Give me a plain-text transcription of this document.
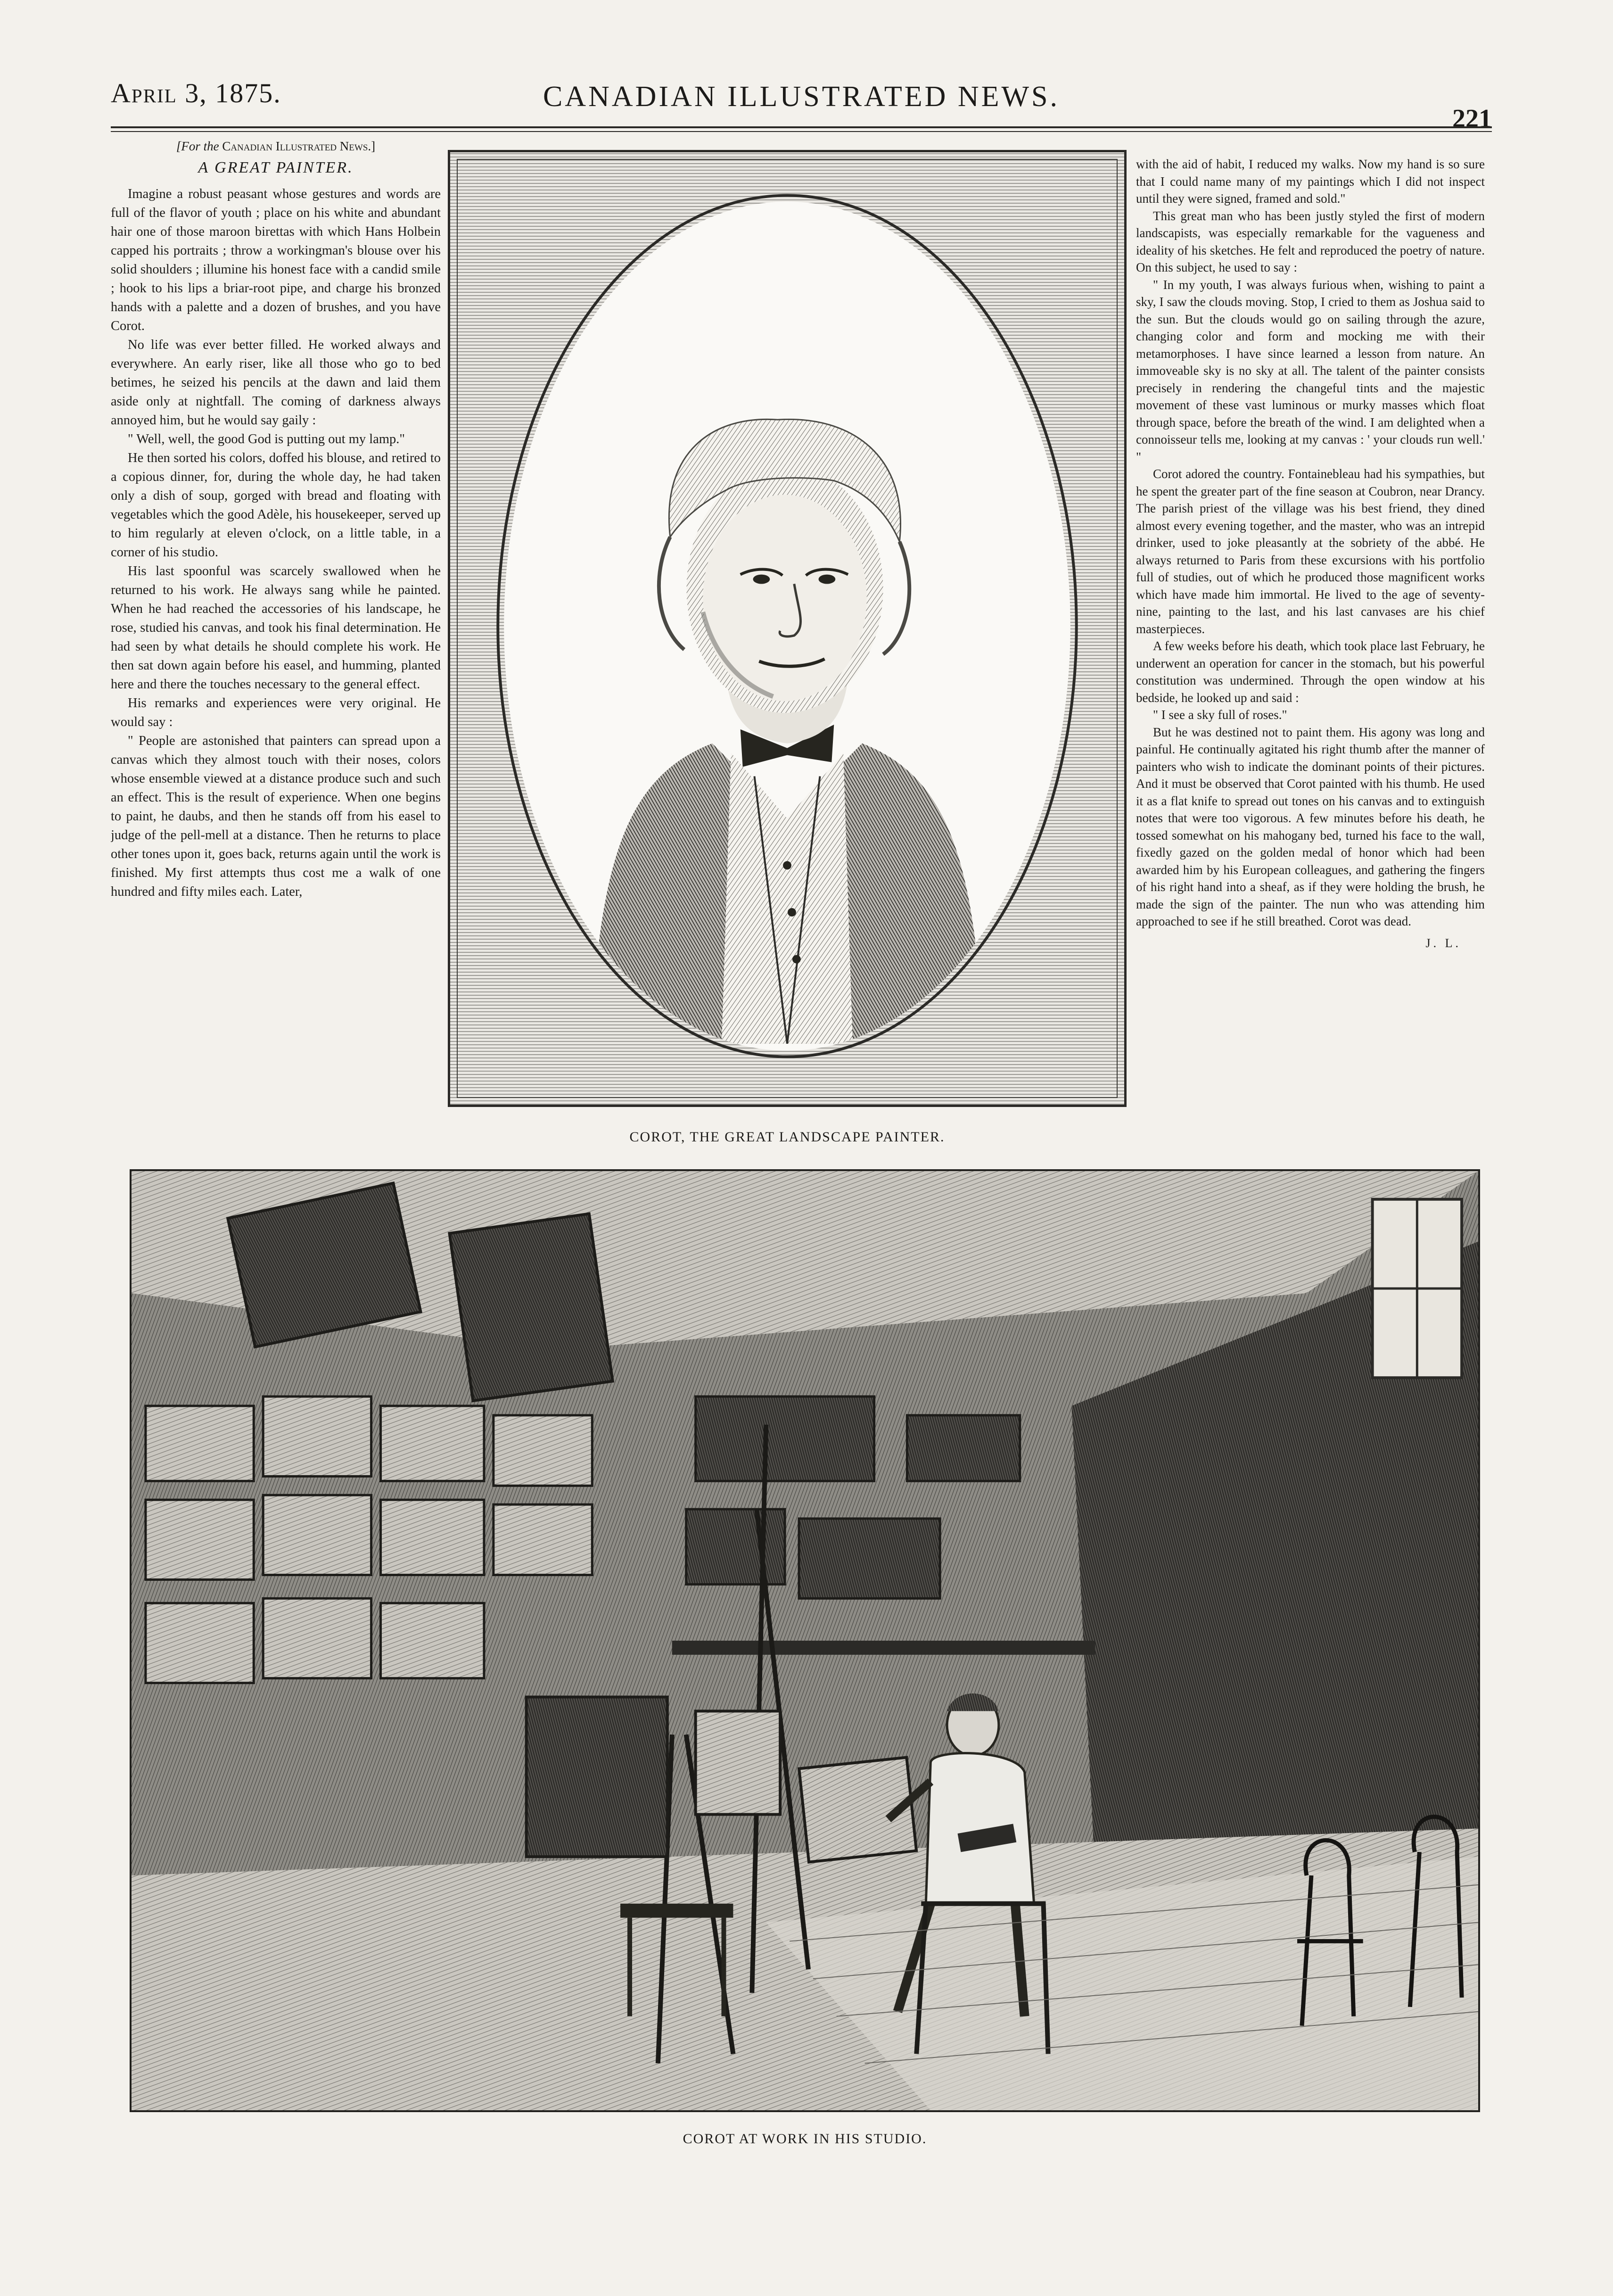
April 3, 1875.	CANADIAN ILLUSTRATED NEWS.
221
[For the Canadian Illustrated News.]
A GREAT PAINTER.

Imagine a robust peasant whose gestures and words are full of the flavor of youth ; place on his white and abundant hair one of those maroon birettas with which Hans Holbein capped his portraits ; throw a workingman's blouse over his solid shoulders ; illumine his honest face with a candid smile ; hook to his lips a briar-root pipe, and charge his bronzed hands with a palette and a dozen of brushes, and you have Corot.

No life was ever better filled. He worked always and everywhere. An early riser, like all those who go to bed betimes, he seized his pencils at the dawn and laid them aside only at nightfall. The coming of darkness always annoyed him, but he would say gaily :

" Well, well, the good God is putting out my lamp."

He then sorted his colors, doffed his blouse, and retired to a copious dinner, for, during the whole day, he had taken only a dish of soup, gorged with bread and floating with vegetables which the good Adèle, his housekeeper, served up to him regularly at eleven o'clock, on a little table, in a corner of his studio.

His last spoonful was scarcely swallowed when he returned to his work. He always sang while he painted. When he had reached the accessories of his landscape, he rose, studied his canvas, and took his final determination. He had seen by what details he should complete his work. He then sat down again before his easel, and humming, planted here and there the touches necessary to the general effect.

His remarks and experiences were very original. He would say :

" People are astonished that painters can spread upon a canvas which they almost touch with their noses, colors whose ensemble viewed at a distance produce such and such an effect. This is the result of experience. When one begins to paint, he daubs, and then he stands off from his easel to judge of the pell-mell at a distance. Then he returns to place other tones upon it, goes back, returns again until the work is finished. My first attempts thus cost me a walk of one hundred and fifty miles each. Later,

COROT, THE GREAT LANDSCAPE PAINTER.

with the aid of habit, I reduced my walks. Now my hand is so sure that I could name many of my paintings which I did not inspect until they were signed, framed and sold."

This great man who has been justly styled the first of modern landscapists, was especially remarkable for the vagueness and ideality of his sketches. He felt and reproduced the poetry of nature. On this subject, he used to say :

" In my youth, I was always furious when, wishing to paint a sky, I saw the clouds moving. Stop, I cried to them as Joshua said to the sun. But the clouds would go on sailing through the azure, changing color and form and mocking me with their metamorphoses. I have since learned a lesson from nature. An immoveable sky is no sky at all. The talent of the painter consists precisely in rendering the changeful tints and the majestic movement of these vast luminous or murky masses which float through space, before the breath of the wind. I am delighted when a connoisseur tells me, looking at my canvas : ' your clouds run well.' "

Corot adored the country. Fontainebleau had his sympathies, but he spent the greater part of the fine season at Coubron, near Drancy. The parish priest of the village was his best friend, they dined almost every evening together, and the master, who was an intrepid drinker, used to joke pleasantly at the sobriety of the abbé. He always returned to Paris from these excursions with his portfolio full of studies, out of which he produced those magnificent works which have made him immortal. He lived to the age of seventy-nine, painting to the last, and his last canvases are his chief masterpieces.

A few weeks before his death, which took place last February, he underwent an operation for cancer in the stomach, but his powerful constitution was undermined. Through the open window at his bedside, he looked up and said :

" I see a sky full of roses."

But he was destined not to paint them. His agony was long and painful. He continually agitated his right thumb after the manner of painters who wish to indicate the dominant points of their pictures. And it must be observed that Corot painted with his thumb. He used it as a flat knife to spread out tones on his canvas and to extinguish notes that were too vigorous. A few minutes before his death, he tossed somewhat on his mahogany bed, turned his face to the wall, fixedly gazed on the golden medal of honor which had been awarded him by his European colleagues, and gathering the fingers of his right hand into a sheaf, as if they were holding the brush, he made the sign of the painter. The nun who was attending him approached to see if he still breathed. Corot was dead.

J. L.
COROT AT WORK IN HIS STUDIO.
